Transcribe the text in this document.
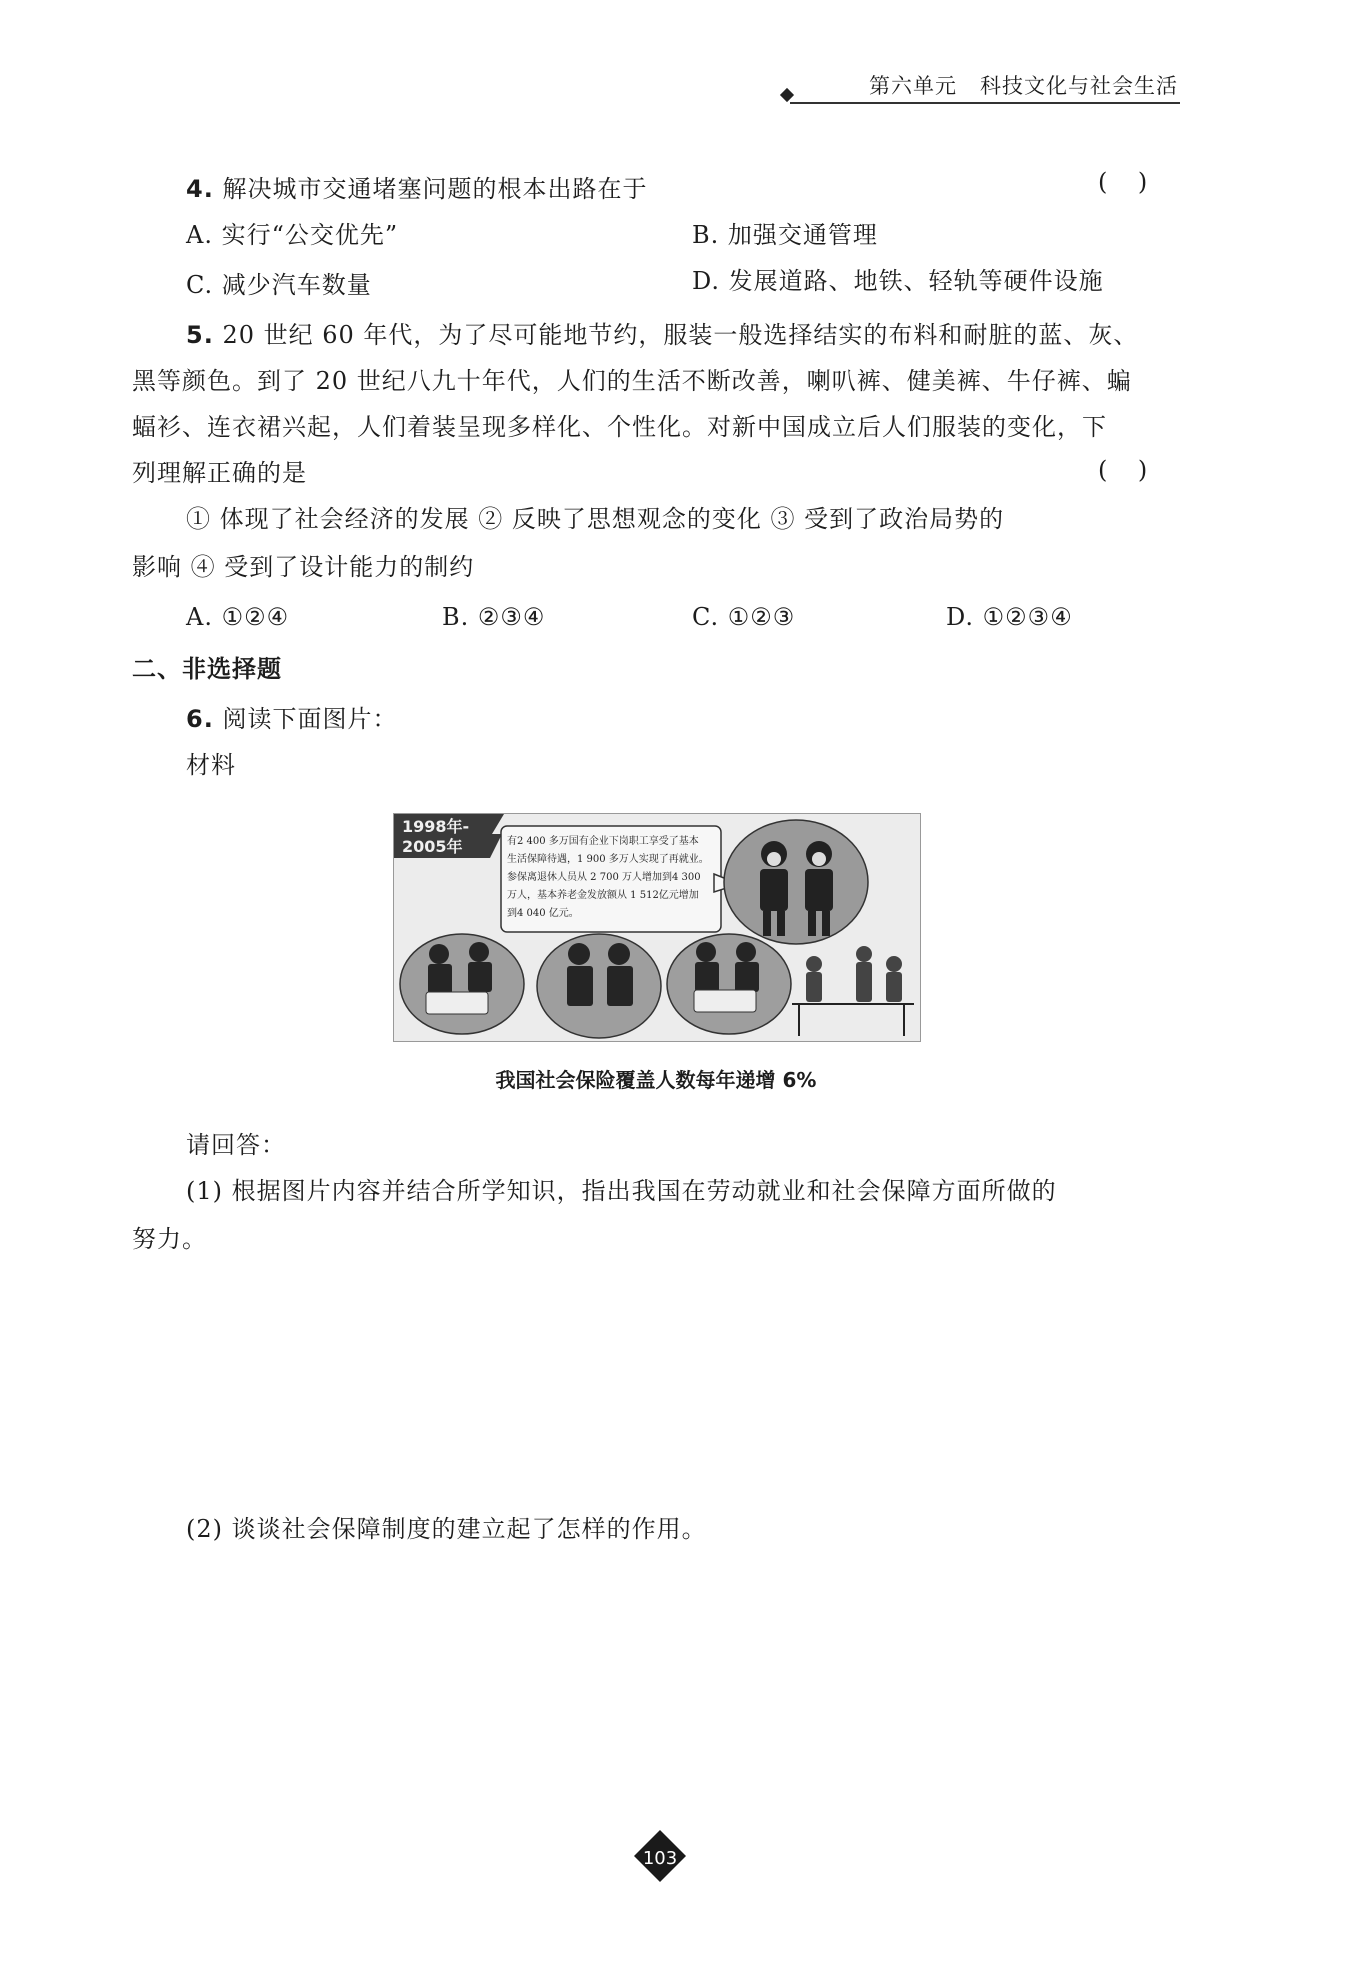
第六单元   科技文化与社会生活
4. 解决城市交通堵塞问题的根本出路在于	(    )
A. 实行“公交优先”	B. 加强交通管理
C. 减少汽车数量	D. 发展道路、地铁、轻轨等硬件设施
5. 20 世纪 60 年代，为了尽可能地节约，服装一般选择结实的布料和耐脏的蓝、灰、
黑等颜色。到了 20 世纪八九十年代，人们的生活不断改善，喇叭裤、健美裤、牛仔裤、蝙
蝠衫、连衣裙兴起，人们着装呈现多样化、个性化。对新中国成立后人们服装的变化，下
列理解正确的是	(    )
① 体现了社会经济的发展 ② 反映了思想观念的变化 ③ 受到了政治局势的
影响 ④ 受到了设计能力的制约
A. ①②④	B. ②③④	C. ①②③	D. ①②③④
二、非选择题
6. 阅读下面图片：
材料
1998年-
2005年	有2 400 多万国有企业下岗职工享受了基本 生活保障待遇，1 900 多万人实现了再就业。 参保离退休人员从 2 700 万人增加到4 300 万人，基本养老金发放额从 1 512亿元增加 到4 040 亿元。
我国社会保险覆盖人数每年递增 6%
请回答：
(1) 根据图片内容并结合所学知识，指出我国在劳动就业和社会保障方面所做的
努力。
(2) 谈谈社会保障制度的建立起了怎样的作用。
103
